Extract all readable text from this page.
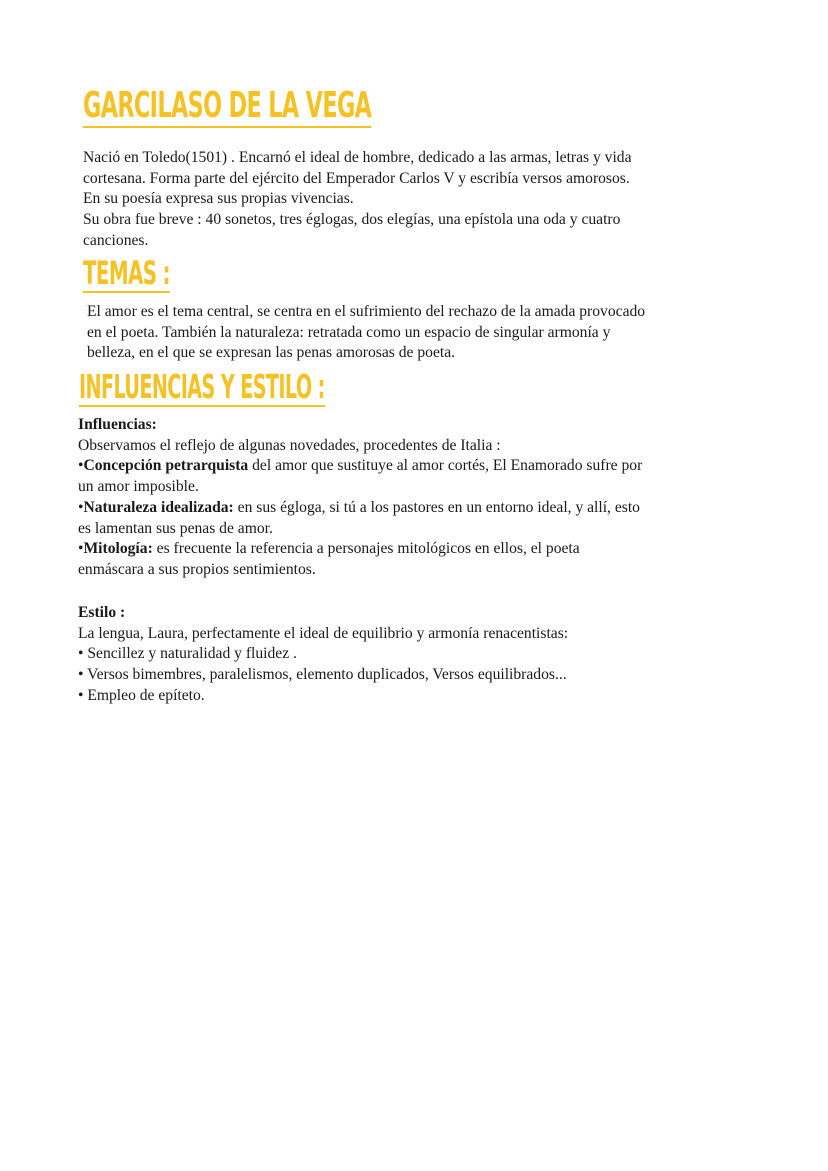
GARCILASO DE LA VEGA

Nació en Toledo(1501) . Encarnó el ideal de hombre, dedicado a las armas, letras y vida

cortesana. Forma parte del ejército del Emperador Carlos V y escribía versos amorosos.

En su poesía expresa sus propias vivencias.

Su obra fue breve : 40 sonetos, tres églogas, dos elegías, una epístola una oda y cuatro

canciones.

TEMAS :

El amor es el tema central, se centra en el sufrimiento del rechazo de la amada provocado

en el poeta. También la naturaleza: retratada como un espacio de singular armonía y

belleza, en el que se expresan las penas amorosas de poeta.

INFLUENCIAS Y ESTILO :

Influencias:

Observamos el reflejo de algunas novedades, procedentes de Italia :

•Concepción petrarquista del amor que sustituye al amor cortés, El Enamorado sufre por

un amor imposible.

•Naturaleza idealizada: en sus égloga, si tú a los pastores en un entorno ideal, y allí, esto

es lamentan sus penas de amor.

•Mitología: es frecuente la referencia a personajes mitológicos en ellos, el poeta

enmáscara a sus propios sentimientos.

Estilo :

La lengua, Laura, perfectamente el ideal de equilibrio y armonía renacentistas:

• Sencillez y naturalidad y fluidez .

• Versos bimembres, paralelismos, elemento duplicados, Versos equilibrados...

• Empleo de epíteto.
